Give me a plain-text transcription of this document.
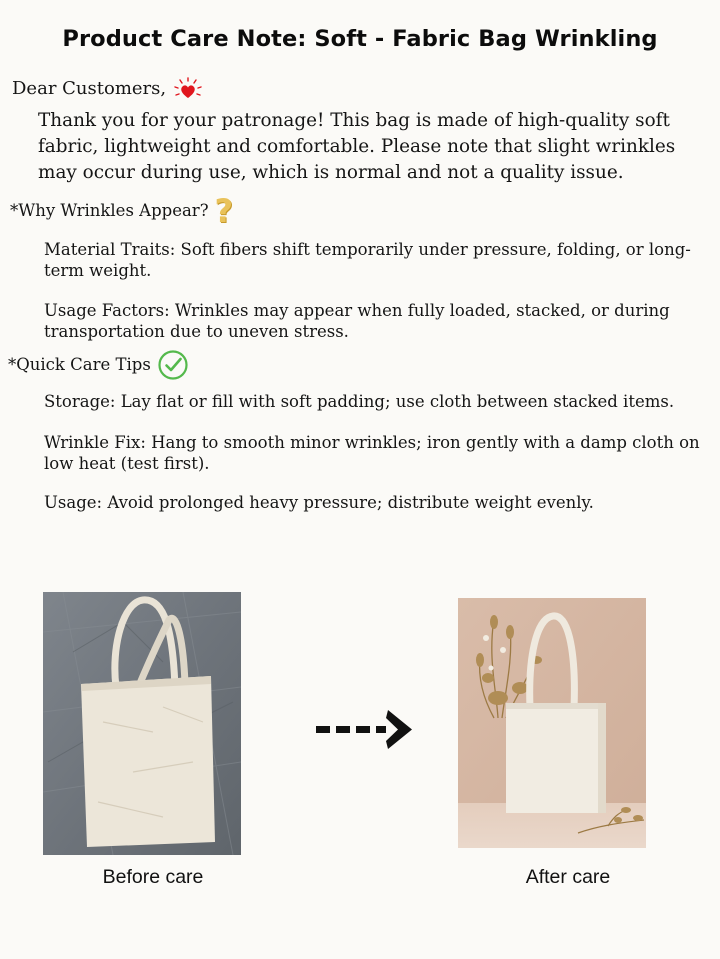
Product Care Note: Soft - Fabric Bag Wrinkling
Dear Customers,
Thank you for your patronage! This bag is made of high-quality soft fabric, lightweight and comfortable. Please note that slight wrinkles may occur during use, which is normal and not a quality issue.
*Why Wrinkles Appear? ?
Material Traits: Soft fibers shift temporarily under pressure, folding, or long-term weight.
Usage Factors: Wrinkles may appear when fully loaded, stacked, or during transportation due to uneven stress.
*Quick Care Tips
Storage: Lay flat or fill with soft padding; use cloth between stacked items.
Wrinkle Fix: Hang to smooth minor wrinkles; iron gently with a damp cloth on low heat (test first).
Usage: Avoid prolonged heavy pressure; distribute weight evenly.
Before care	After care
